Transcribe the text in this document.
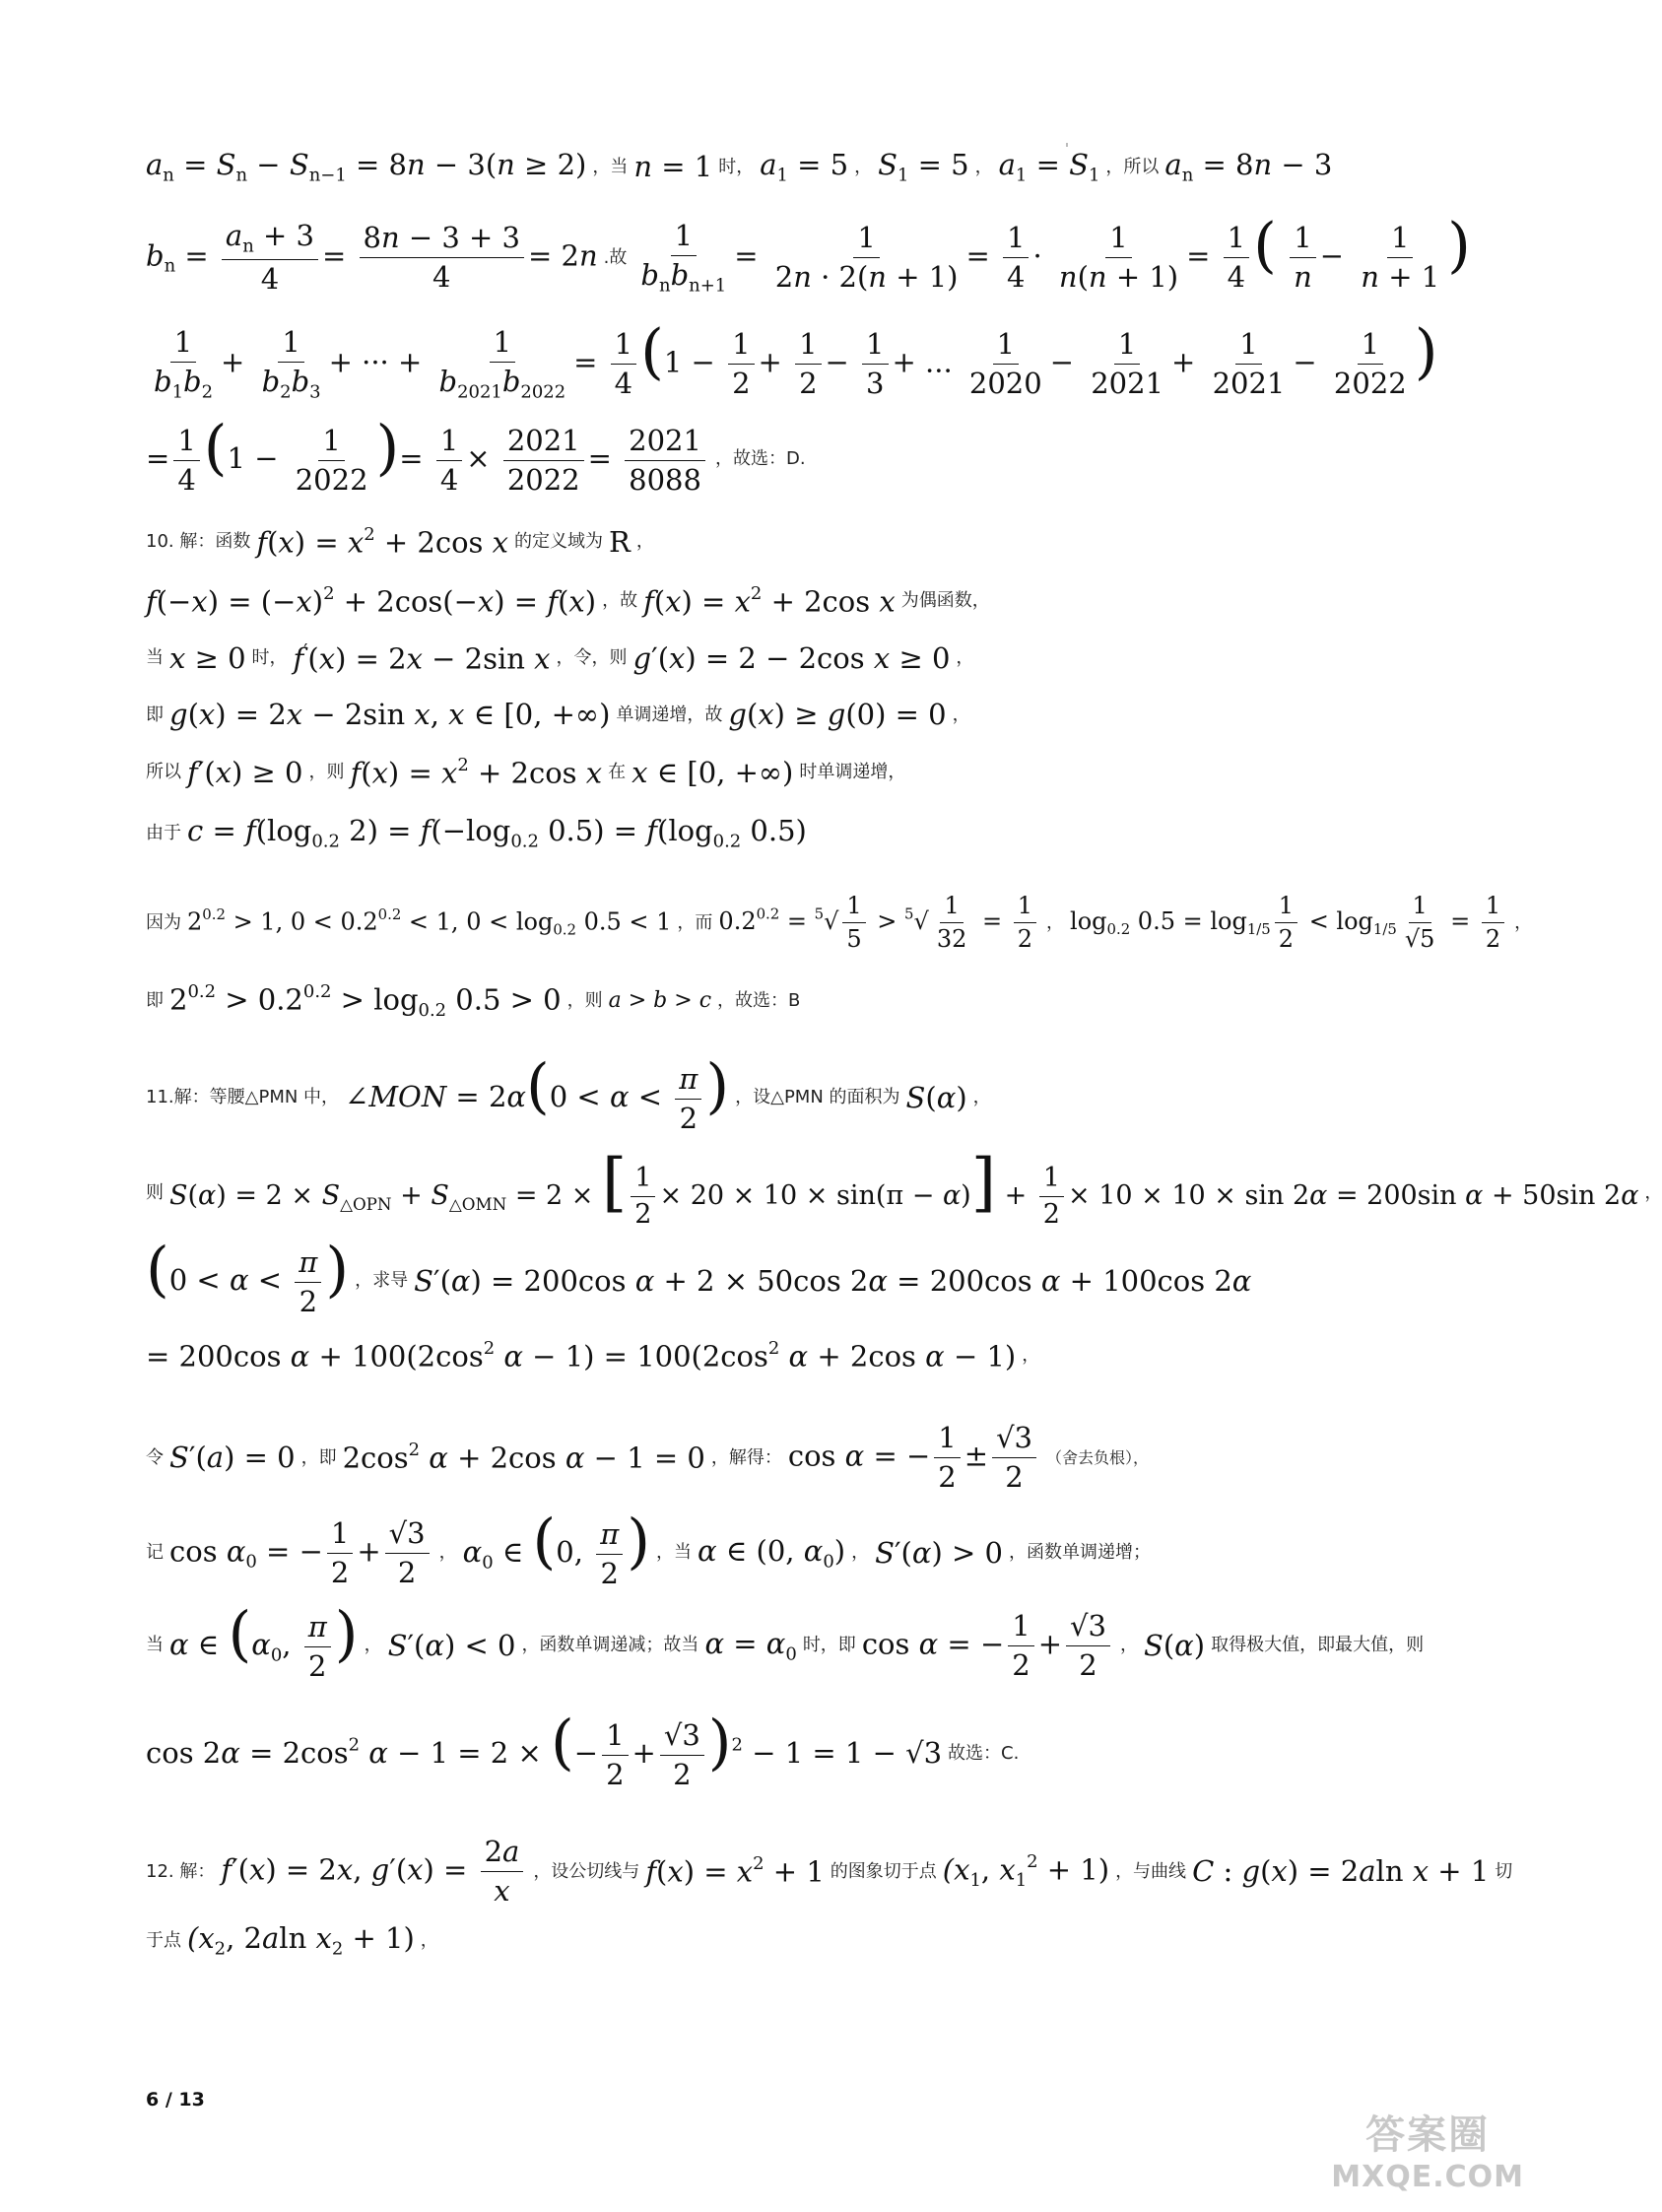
$a_n = S_n - S_{n-1} = 8n - 3(n \ge 2)$ ，当 n = 1 时， $a_1 = 5$ ， $S_1 = 5$ ， $a_1 = S_1$ ，所以 $a_n = 8n - 3$
$b_n = \frac{a_n + 3}{4} = \frac{8n - 3 + 3}{4} = 2n$ .故 $\frac{1}{b_nb_{n+1}} = \frac{1}{2n \cdot 2(n + 1)} = \frac{1}{4} \cdot \frac{1}{n(n + 1)} = \frac{1}{4}$ ( $\frac{1}{n} - \frac{1}{n + 1}$ )
$\frac{1}{b_1b_2} + \frac{1}{b_2b_3}$ + ··· + $\frac{1}{b_{2021}b_{2022}} = \frac{1}{4} (1 - \frac{1}{2} + \frac{1}{2} - \frac{1}{3}$ + ... $\frac{1}{2020} - \frac{1}{2021} + \frac{1}{2021} - \frac{1}{2022}$ )
= $\frac{1}{4} (1 - \frac{1}{2022}$ )= $\frac{1}{4} \times \frac{2021}{2022} = \frac{2021}{8088}$ ，故选：D.
10. 解：函数 $f(x) = x^2 + 2\cos$ x 的定义域为 R ，
$f(-x) = (-x)^2 + 2\cos(-x) = f(x)$ ，故 $f(x) = x^2 + 2\cos$ x 为偶函数，
当 x ≥ 0 时， f′(x) = 2x − 2sin x ，令，则 g′(x) = 2 − 2cos x ≥ 0 ，
即 g(x) = 2x − 2sin x, x ∈ [0, +∞) 单调递增，故 g(x) ≥ g(0) = 0 ，
所以 f′(x) ≥ 0 ，则 $f(x) = x^2 + 2\cos$ x 在 x ∈ [0, +∞) 时单调递增，
由于 $c = f(\log_{0.2}$ $2) = f(-\log_{0.2}$ $0.5) = f(\log_{0.2}$ 0.5)
因为 $2^{0.2} > 1$, $0 < 0.2^{0.2} < 1$, $0 < \log_{0.2} 0.5 < 1$ ，而 $0.2^{0.2} = ^5√ \frac{1}{5} > ^5√ \frac{1}{32} = \frac{1}{2}$ ， $\log_{0.2} 0.5 = \log_{1/5} \frac{1}{2} < \log_{1/5} \frac{1}{√5} = \frac{1}{2}$ ，
即 $2^{0.2} > 0.2^{0.2} > \log_{0.2} 0.5 > 0$ ，则 a > b > c ，故选：B
11.解：等腰△PMN 中， ∠MON = $2\alpha(0 < \alpha < \frac{\pi}{2}$ ) ，设△PMN 的面积为 S(α) ，
则 $S(\alpha) = 2 \times S_{\triangle OPN} + S_{\triangle OMN} = 2$ × [ $\frac{1}{2} \times 20 \times 10 \times \sin(\pi - \alpha)] + \frac{1}{2} \times 10 \times 10 \times \sin 2\alpha = 200\sin$ α + 50sin 2α ，
($0 < \alpha < \frac{\pi}{2}$ ) ，求导 S′(α) = 200cos α + 2 × 50cos 2α = 200cos α + 100cos 2α
= 200cos $\alpha + 100(2\cos^2$ $\alpha - 1) = 100(2\cos^2$ α + 2cos α − 1) ，
令 S′(a) = 0 ，即 $2\cos^2$ α + 2cos α − 1 = 0 ，解得： cos α = − $\frac{1}{2} \pm \frac{√3}{2}$ （舍去负根），
记 $\cos \alpha_0$ = − $\frac{1}{2} + \frac{√3}{2}$ ， $\alpha_0$ ∈ (0, $\frac{\pi}{2}$ ) ，当 α ∈ (0, $\alpha_0$) ， S′(α) > 0 ，函数单调递增；
当 α ∈ ($\alpha_0$, $\frac{\pi}{2}$ ) ， S′(α) < 0 ，函数单调递减；故当 $\alpha = \alpha_0$ 时，即 cos α = − $\frac{1}{2} + \frac{√3}{2}$ ， S(α) 取得极大值，即最大值，则
$\cos 2\alpha = 2\cos^2$ α − 1 = 2 × (− $\frac{1}{2} + \frac{√3}{2} )^2 - 1 = 1 - √3$ 故选：C.
12. 解： f′(x) = 2x, $g'(x) = \frac{2a}{x}$ ，设公切线与 $f(x) = x^2 + 1$ 的图象切于点 ($x_1$, $x_1^2 + 1$) ，与曲线 C : g(x) = 2aln x + 1 切
于点 ($x_2$, 2aln $x_2 + 1$) ，
6 / 13
答案圈
MXQE.COM
